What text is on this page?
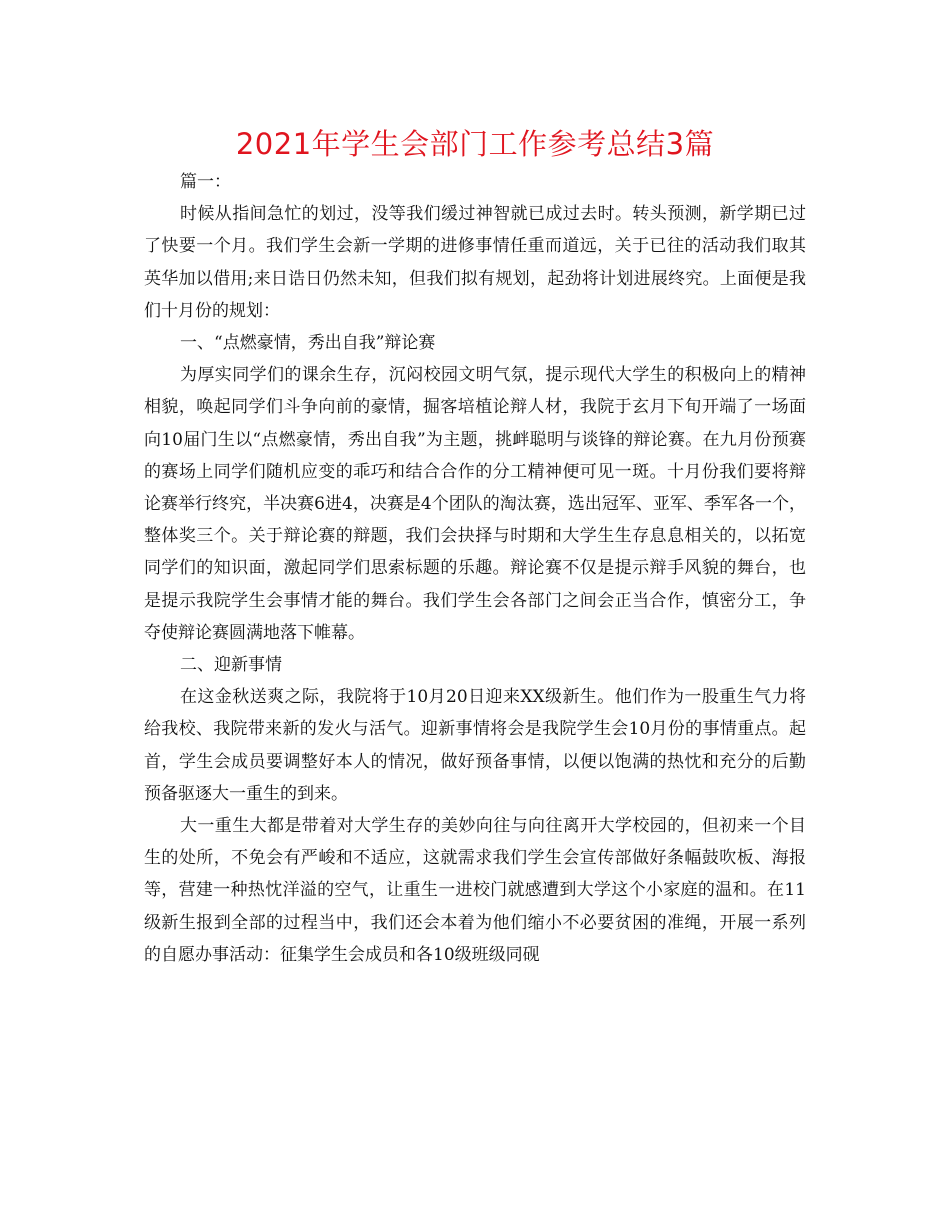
2021年学生会部门工作参考总结3篇

篇一：

时候从指间急忙的划过，没等我们缓过神智就已成过去时。转头预测，新学期已过了快要一个月。我们学生会新一学期的进修事情任重而道远，关于已往的活动我们取其英华加以借用;来日诰日仍然未知，但我们拟有规划，起劲将计划进展终究。上面便是我们十月份的规划：

一、“点燃豪情，秀出自我”辩论赛

为厚实同学们的课余生存，沉闷校园文明气氛，提示现代大学生的积极向上的精神相貌，唤起同学们斗争向前的豪情，掘客培植论辩人材，我院于玄月下旬开端了一场面向10届门生以“点燃豪情，秀出自我”为主题，挑衅聪明与谈锋的辩论赛。在九月份预赛的赛场上同学们随机应变的乖巧和结合合作的分工精神便可见一斑。十月份我们要将辩论赛举行终究，半决赛6进4，决赛是4个团队的淘汰赛，选出冠军、亚军、季军各一个，整体奖三个。关于辩论赛的辩题，我们会抉择与时期和大学生生存息息相关的，以拓宽同学们的知识面，激起同学们思索标题的乐趣。辩论赛不仅是提示辩手风貌的舞台，也是提示我院学生会事情才能的舞台。我们学生会各部门之间会正当合作，慎密分工，争夺使辩论赛圆满地落下帷幕。

二、迎新事情

在这金秋送爽之际，我院将于10月20日迎来XX级新生。他们作为一股重生气力将给我校、我院带来新的发火与活气。迎新事情将会是我院学生会10月份的事情重点。起首，学生会成员要调整好本人的情况，做好预备事情，以便以饱满的热忱和充分的后勤预备驱逐大一重生的到来。

大一重生大都是带着对大学生存的美妙向往与向往离开大学校园的，但初来一个目生的处所，不免会有严峻和不适应，这就需求我们学生会宣传部做好条幅鼓吹板、海报等，营建一种热忱洋溢的空气，让重生一进校门就感遭到大学这个小家庭的温和。在11级新生报到全部的过程当中，我们还会本着为他们缩小不必要贫困的准绳，开展一系列的自愿办事活动：征集学生会成员和各10级班级同砚
